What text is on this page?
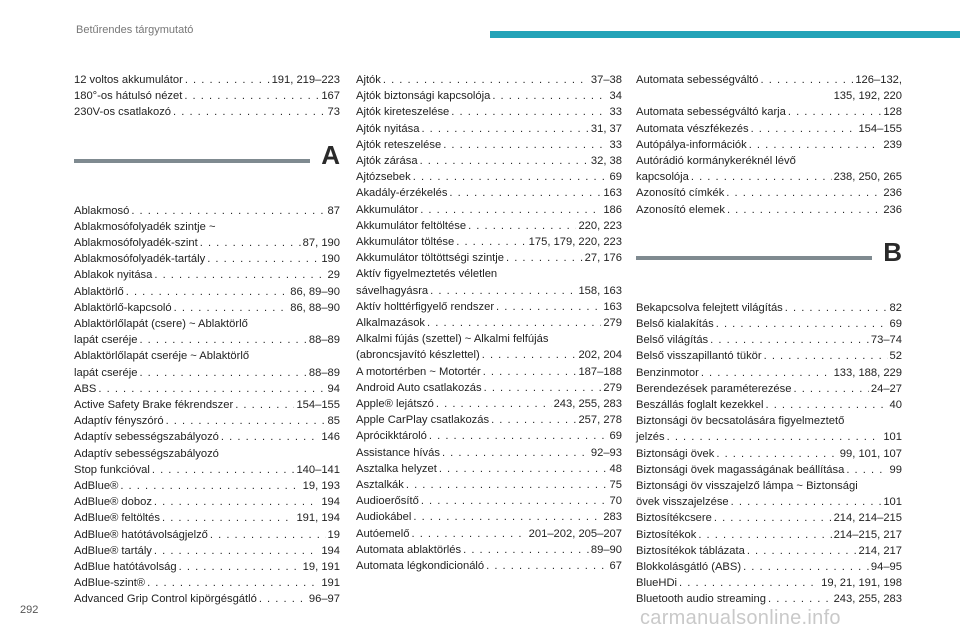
Betűrendes tárgymutató
12 voltos akkumulátor . . .	191, 219–223
180°-os hátulsó nézet . . .	167
230V-os csatlakozó . . .	73
A
Ablakmosó . . .	87
Ablakmosófolyadék szintje ~
Ablakmosófolyadék-szint . . .	87, 190
Ablakmosófolyadék-tartály . . .	190
Ablakok nyitása . . .	29
Ablaktörlő . . .	86, 89–90
Ablaktörlő-kapcsoló . . .	86, 88–90
Ablaktörlőlapát (csere) ~ Ablaktörlő
lapát cseréje . . .	88–89
Ablaktörlőlapát cseréje ~ Ablaktörlő
lapát cseréje . . .	88–89
ABS . . .	94
Active Safety Brake fékrendszer . . .	154–155
Adaptív fényszóró . . .	85
Adaptív sebességszabályozó . . .	146
Adaptív sebességszabályozó
Stop funkcióval . . .	140–141
AdBlue® . . .	19, 193
AdBlue® doboz . . .	194
AdBlue® feltöltés . . .	191, 194
AdBlue® hatótávolságjelző . . .	19
AdBlue® tartály . . .	194
AdBlue hatótávolság . . .	19, 191
AdBlue-szint® . . .	191
Advanced Grip Control kipörgésgátló . . .	96–97
Ajtók . . .	37–38
Ajtók biztonsági kapcsolója . . .	34
Ajtók kireteszelése . . .	33
Ajtók nyitása . . .	31, 37
Ajtók reteszelése . . .	33
Ajtók zárása . . .	32, 38
Ajtózsebek . . .	69
Akadály-érzékelés . . .	163
Akkumulátor . . .	186
Akkumulátor feltöltése . . .	220, 223
Akkumulátor töltése . . .	175, 179, 220, 223
Akkumulátor töltöttségi szintje . . .	27, 176
Aktív figyelmeztetés véletlen
sávelhagyásra . . .	158, 163
Aktív holttérfigyelő rendszer . . .	163
Alkalmazások . . .	279
Alkalmi fújás (szettel) ~ Alkalmi felfújás
(abroncsjavító készlettel) . . .	202, 204
A motortérben ~ Motortér . . .	187–188
Android Auto csatlakozás . . .	279
Apple® lejátszó . . .	243, 255, 283
Apple CarPlay csatlakozás . . .	257, 278
Aprócikktároló . . .	69
Assistance hívás . . .	92–93
Asztalka helyzet . . .	48
Asztalkák . . .	75
Audioerősítő . . .	70
Audiokábel . . .	283
Autóemelő . . .	201–202, 205–207
Automata ablaktörlés . . .	89–90
Automata légkondicionáló . . .	67
Automata sebességváltó . . .	126–132,
135, 192, 220
Automata sebességváltó karja . . .	128
Automata vészfékezés . . .	154–155
Autópálya-információk . . .	239
Autórádió kormánykeréknél lévő
kapcsolója . . .	238, 250, 265
Azonosító címkék . . .	236
Azonosító elemek . . .	236
B
Bekapcsolva felejtett világítás . . .	82
Belső kialakítás . . .	69
Belső világítás . . .	73–74
Belső visszapillantó tükör . . .	52
Benzinmotor . . .	133, 188, 229
Berendezések paraméterezése . . .	24–27
Beszállás foglalt kezekkel . . .	40
Biztonsági öv becsatolására figyelmeztető
jelzés . . .	101
Biztonsági övek . . .	99, 101, 107
Biztonsági övek magasságának beállítása . . .	99
Biztonsági öv visszajelző lámpa ~ Biztonsági
övek visszajelzése . . .	101
Biztosítékcsere . . .	214, 214–215
Biztosítékok . . .	214–215, 217
Biztosítékok táblázata . . .	214, 217
Blokkolásgátló (ABS) . . .	94–95
BlueHDi . . .	19, 21, 191, 198
Bluetooth audio streaming . . .	243, 255, 283
292	carmanualsonline.info
